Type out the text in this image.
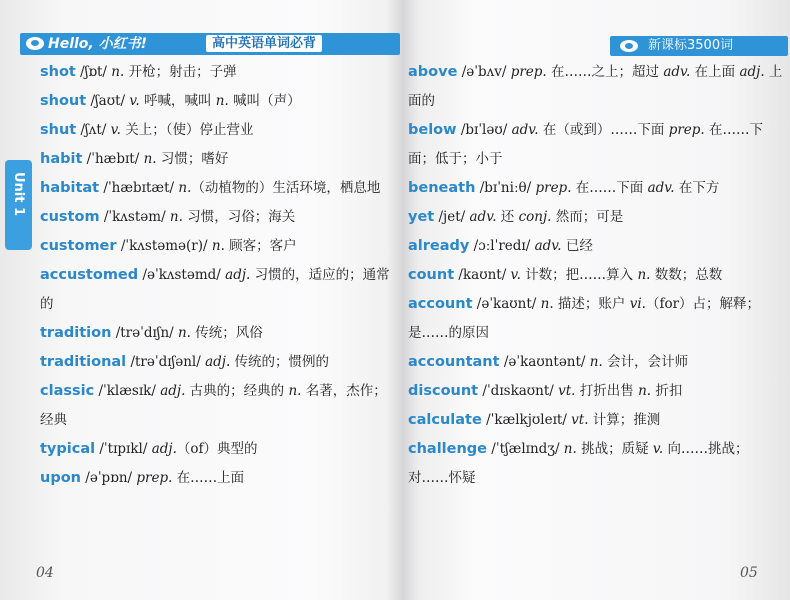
Hello, 小红书!	高中英语单词必背
Unit 1

shot /ʃɒt/ n. 开枪；射击；子弹

shout /ʃaʊt/ v. 呼喊，喊叫 n. 喊叫（声）

shut /ʃʌt/ v. 关上；（使）停止营业

habit /ˈhæbɪt/ n. 习惯；嗜好

habitat /ˈhæbɪtæt/ n.（动植物的）生活环境，栖息地

custom /ˈkʌstəm/ n. 习惯，习俗；海关

customer /ˈkʌstəmə(r)/ n. 顾客；客户

accustomed /əˈkʌstəmd/ adj. 习惯的，适应的；通常的

tradition /trəˈdɪʃn/ n. 传统；风俗

traditional /trəˈdɪʃənl/ adj. 传统的；惯例的

classic /ˈklæsɪk/ adj. 古典的；经典的 n. 名著，杰作；经典

typical /ˈtɪpɪkl/ adj.（of）典型的

upon /əˈpɒn/ prep. 在……上面

04
新课标3500词

above /əˈbʌv/ prep. 在……之上；超过 adv. 在上面 adj. 上面的

below /bɪˈləʊ/ adv. 在（或到）……下面 prep. 在……下面；低于；小于

beneath /bɪˈniːθ/ prep. 在……下面 adv. 在下方

yet /jet/ adv. 还 conj. 然而；可是

already /ɔːlˈredɪ/ adv. 已经

count /kaʊnt/ v. 计数；把……算入 n. 数数；总数

account /əˈkaʊnt/ n. 描述；账户 vi.（for）占；解释；是……的原因

accountant /əˈkaʊntənt/ n. 会计，会计师

discount /ˈdɪskaʊnt/ vt. 打折出售 n. 折扣

calculate /ˈkælkjʊleɪt/ vt. 计算；推测

challenge /ˈtʃælɪndʒ/ n. 挑战；质疑 v. 向……挑战；对……怀疑

05
